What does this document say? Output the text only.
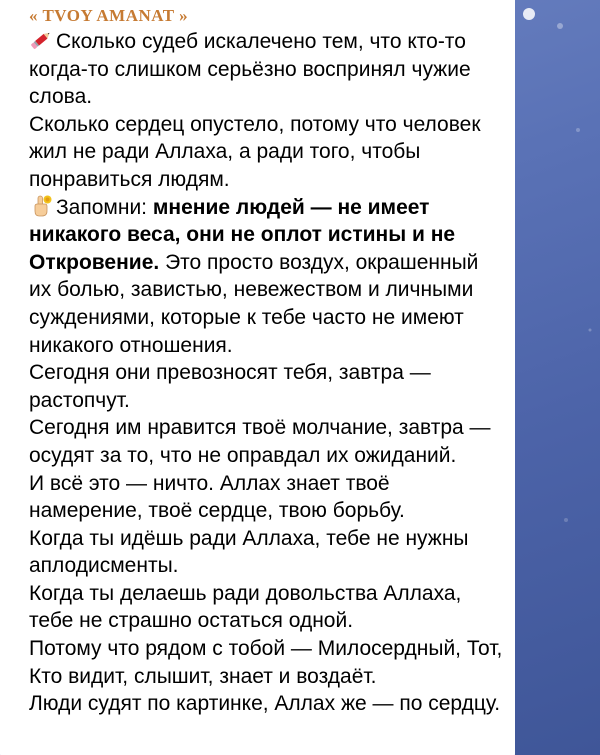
« TVOY AMANAT »
Сколько судеб искалечено тем, что кто-то когда-то слишком серьёзно воспринял чужие слова.
Сколько сердец опустело, потому что человек жил не ради Аллаха, а ради того, чтобы понравиться людям.
Запомни: мнение людей — не имеет никакого веса, они не оплот истины и не Откровение. Это просто воздух, окрашенный их болью, завистью, невежеством и личными суждениями, которые к тебе часто не имеют никакого отношения.
Сегодня они превозносят тебя, завтра — растопчут.
Сегодня им нравится твоё молчание, завтра — осудят за то, что не оправдал их ожиданий.
И всё это — ничто. Аллах знает твоё намерение, твоё сердце, твою борьбу.
Когда ты идёшь ради Аллаха, тебе не нужны аплодисменты.
Когда ты делаешь ради довольства Аллаха, тебе не страшно остаться одной.
Потому что рядом с тобой — Милосердный, Тот, Кто видит, слышит, знает и воздаёт.
Люди судят по картинке, Аллах же — по сердцу.
